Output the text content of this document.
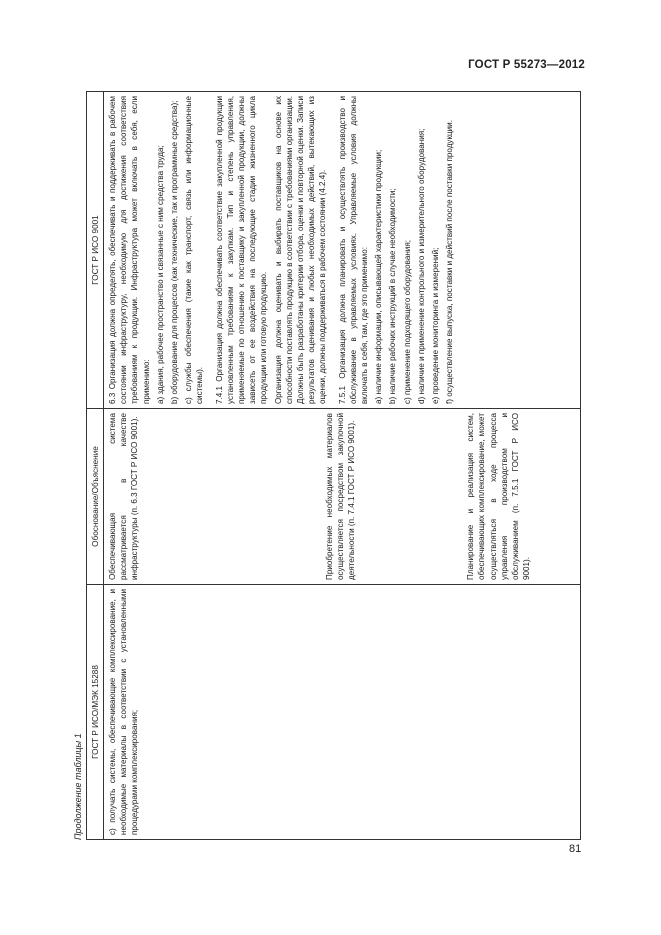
ГОСТ Р 55273—2012
Продолжение таблицы 1
ГОСТ Р ИСО/МЭК 15288
Обоснование/Объяснение
ГОСТ Р ИСО 9001

c) получать системы, обеспечивающие комплексирование, и необходимые материалы в соответствии с установленными процедурами комплексирования;

Обеспечивающая система рассматривается в качестве инфраструктуры (п. 6.3 ГОСТ Р ИСО 9001).	Приобретение необходимых материалов осуществляется посредством закупочной деятельности (п. 7.4.1 ГОСТ Р ИСО 9001).	Планирование и реализация систем, обеспечивающих комплексирование, может осуществляться в ходе процесса управления производством и обслуживанием (п. 7.5.1 ГОСТ Р ИСО 9001).

6.3 Организация должна определять, обеспечивать и поддерживать в рабочем состоянии инфраструктуру, необходимую для достижения соответствия требованиям к продукции. Инфраструктура может включать в себя, если применимо: a) здания, рабочее пространство и связанные с ним средства труда; b) оборудование для процессов (как технические, так и программные средства); c) службы обеспечения (такие как транспорт, связь или информационные системы). 7.4.1 Организация должна обеспечивать соответствие закупленной продукции установленным требованиям к закупкам. Тип и степень управления, применяемые по отношению к поставщику и закупленной продукции, должны зависеть от ее воздействия на последующие стадии жизненного цикла продукции или готовую продукцию. Организация должна оценивать и выбирать поставщиков на основе их способности поставлять продукцию в соответствии с требованиями организации. Должны быть разработаны критерии отбора, оценки и повторной оценки. Записи результатов оценивания и любых необходимых действий, вытекающих из оценки, должны поддерживаться в рабочем состоянии (4.2.4). 7.5.1 Организация должна планировать и осуществлять производство и обслуживание в управляемых условиях. Управляемые условия должны включать в себя, там, где это применимо: a) наличие информации, описывающей характеристики продукции; b) наличие рабочих инструкций в случае необходимости; c) применение подходящего оборудования; d) наличие и применение контрольного и измерительного оборудования; e) проведение мониторинга и измерений; f) осуществление выпуска, поставки и действий после поставки продукции.

81
